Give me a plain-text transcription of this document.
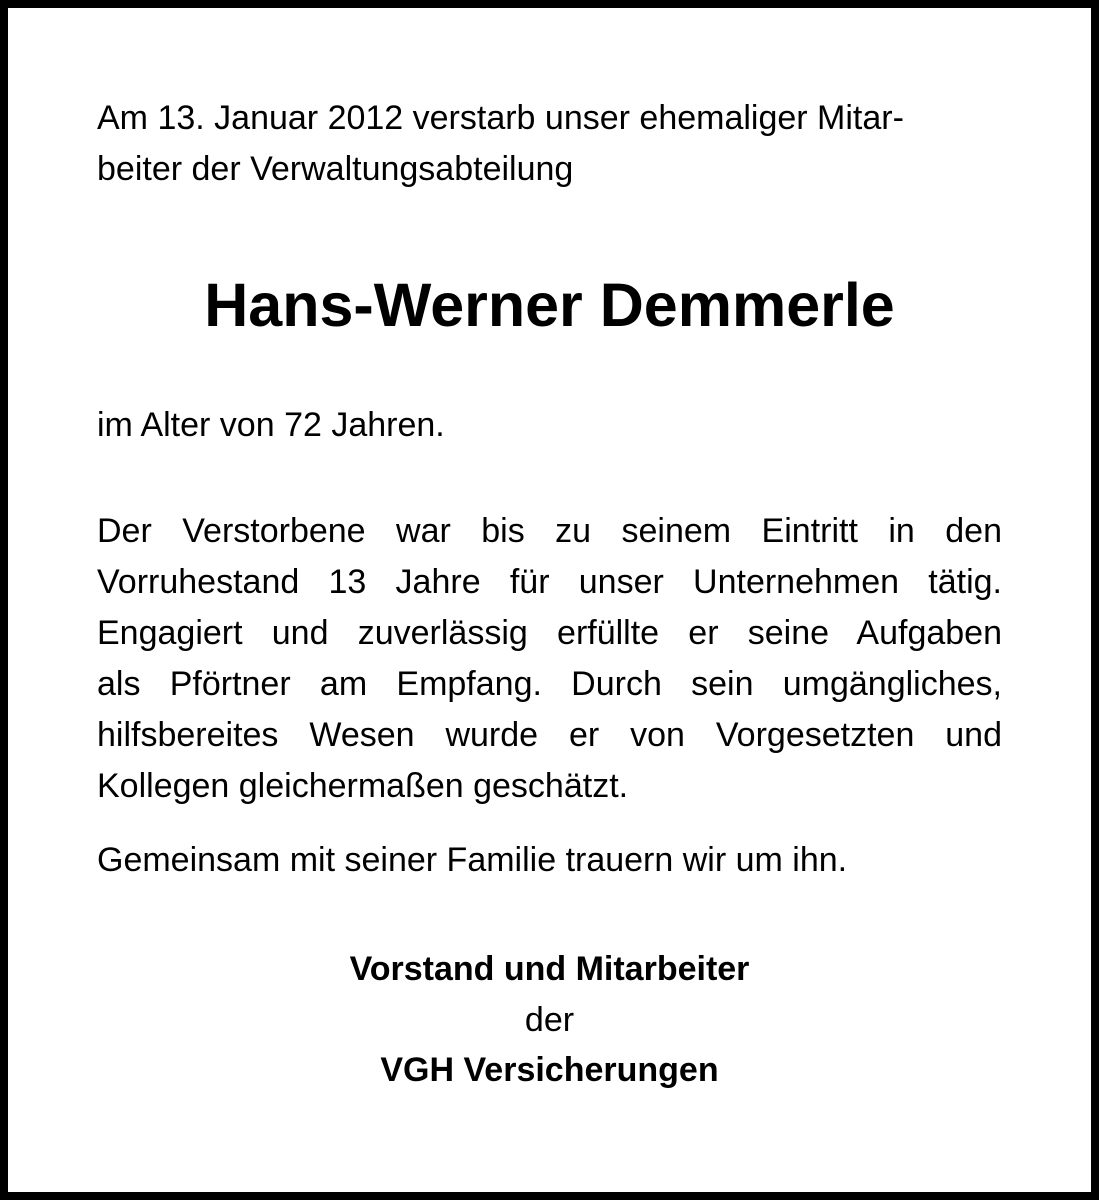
Am 13. Januar 2012 verstarb unser ehemaliger Mitar-
beiter der Verwaltungsabteilung
Hans-Werner Demmerle
im Alter von 72 Jahren.
Der Verstorbene war bis zu seinem Eintritt in den
Vorruhestand 13 Jahre für unser Unternehmen tätig.
Engagiert und zuverlässig erfüllte er seine Aufgaben
als Pförtner am Empfang. Durch sein umgängliches,
hilfsbereites Wesen wurde er von Vorgesetzten und
Kollegen gleichermaßen geschätzt.
Gemeinsam mit seiner Familie trauern wir um ihn.
Vorstand und Mitarbeiter
der
VGH Versicherungen
